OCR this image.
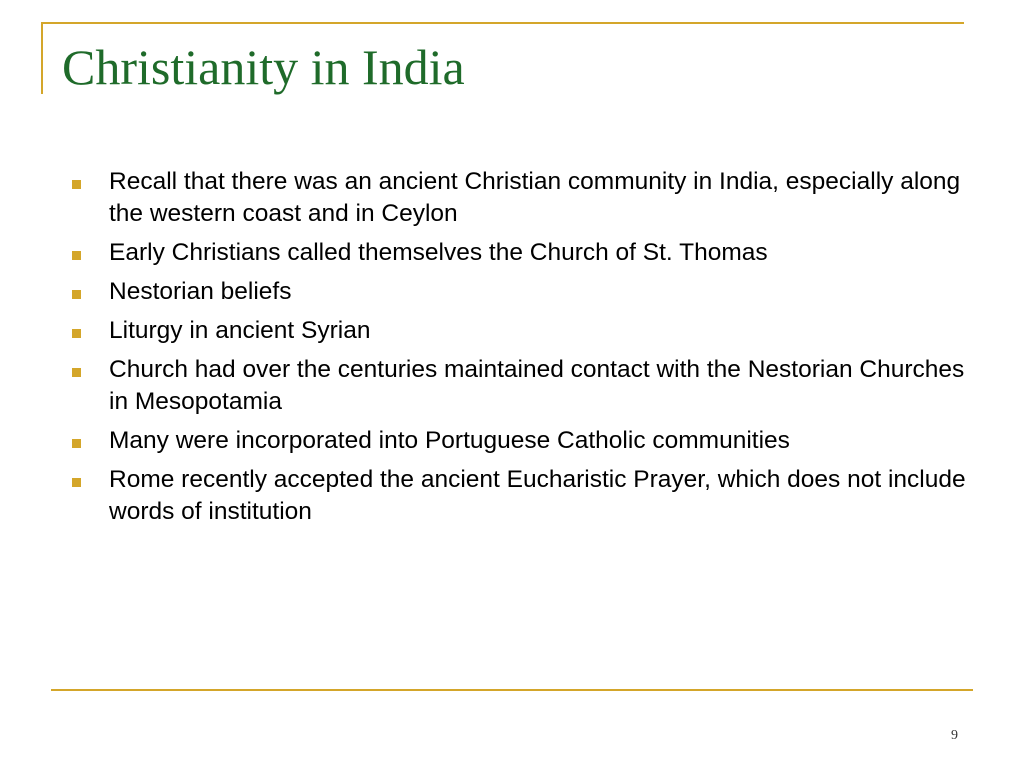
Christianity in India
Recall that there was an ancient Christian community in India, especially along the western coast and in Ceylon
Early Christians called themselves the Church of St. Thomas
Nestorian beliefs
Liturgy in ancient Syrian
Church had over the centuries maintained contact with the Nestorian Churches in Mesopotamia
Many were incorporated into Portuguese Catholic communities
Rome recently accepted the ancient Eucharistic Prayer, which does not include words of institution
9
